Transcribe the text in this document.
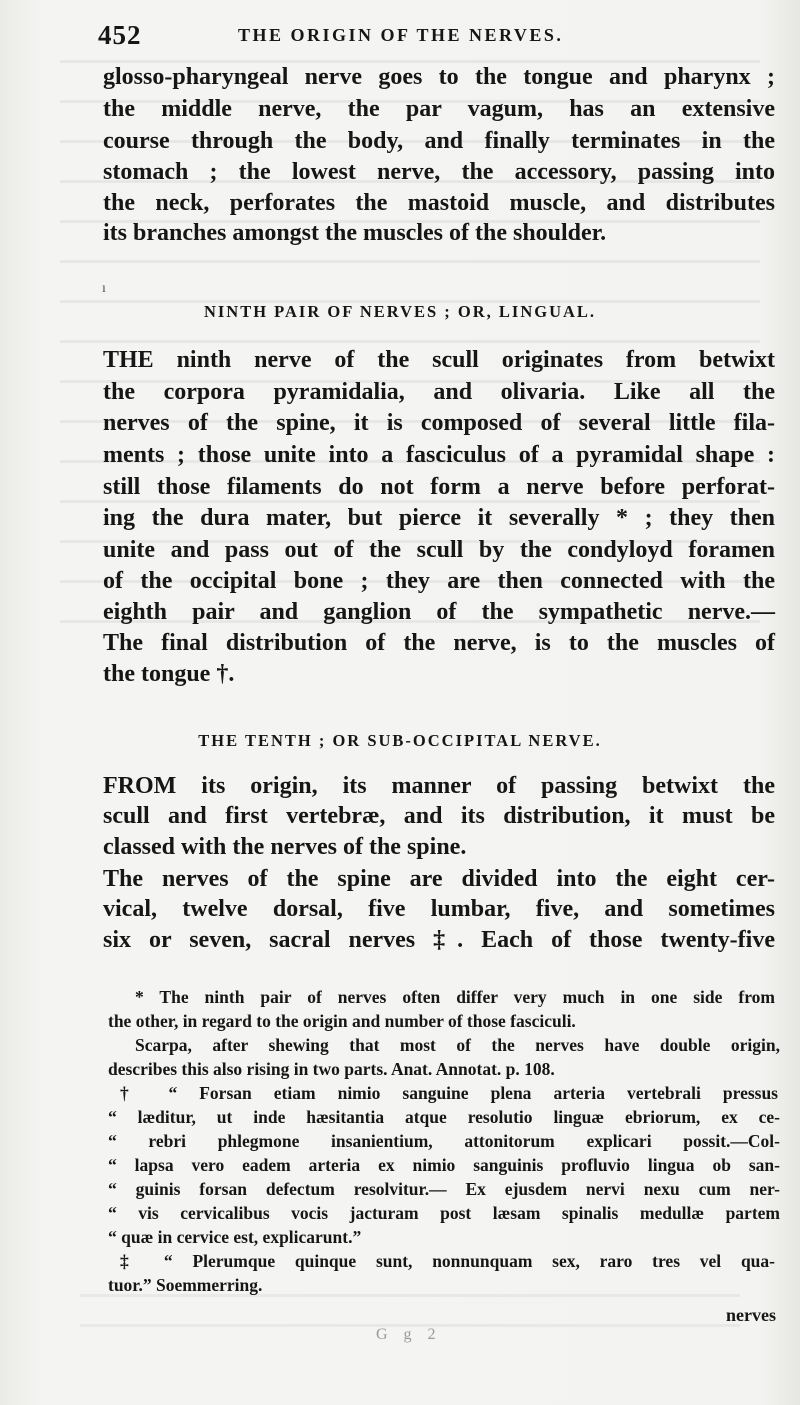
452	THE ORIGIN OF THE NERVES.
glosso-pharyngeal nerve goes to the tongue and pharynx ;
the middle nerve, the par vagum, has an extensive
course through the body, and finally terminates in the
stomach ; the lowest nerve, the accessory, passing into
the neck, perforates the mastoid muscle, and distributes
its branches amongst the muscles of the shoulder.
ı
NINTH PAIR OF NERVES ; OR, LINGUAL.
THE ninth nerve of the scull originates from betwixt
the corpora pyramidalia, and olivaria. Like all the
nerves of the spine, it is composed of several little fila-
ments ; those unite into a fasciculus of a pyramidal shape :
still those filaments do not form a nerve before perforat-
ing the dura mater, but pierce it severally * ; they then
unite and pass out of the scull by the condyloyd foramen
of the occipital bone ; they are then connected with the
eighth pair and ganglion of the sympathetic nerve.—
The final distribution of the nerve, is to the muscles of
the tongue †.
THE TENTH ; OR SUB-OCCIPITAL NERVE.
FROM its origin, its manner of passing betwixt the
scull and first vertebræ, and its distribution, it must be
classed with the nerves of the spine.
The nerves of the spine are divided into the eight cer-
vical, twelve dorsal, five lumbar, five, and sometimes
six or seven, sacral nerves ‡. Each of those twenty-five
* The ninth pair of nerves often differ very much in one side from
the other, in regard to the origin and number of those fasciculi.
Scarpa, after shewing that most of the nerves have double origin,
describes this also rising in two parts. Anat. Annotat. p. 108.
† “ Forsan etiam nimio sanguine plena arteria vertebrali pressus
“ læditur, ut inde hæsitantia atque resolutio linguæ ebriorum, ex ce-
“ rebri phlegmone insanientium, attonitorum explicari possit.—Col-
“ lapsa vero eadem arteria ex nimio sanguinis profluvio lingua ob san-
“ guinis forsan defectum resolvitur.— Ex ejusdem nervi nexu cum ner-
“ vis cervicalibus vocis jacturam post læsam spinalis medullæ partem
“ quæ in cervice est, explicarunt.”
‡ “ Plerumque quinque sunt, nonnunquam sex, raro tres vel qua-
tuor.” Soemmerring.
nerves
G g 2
